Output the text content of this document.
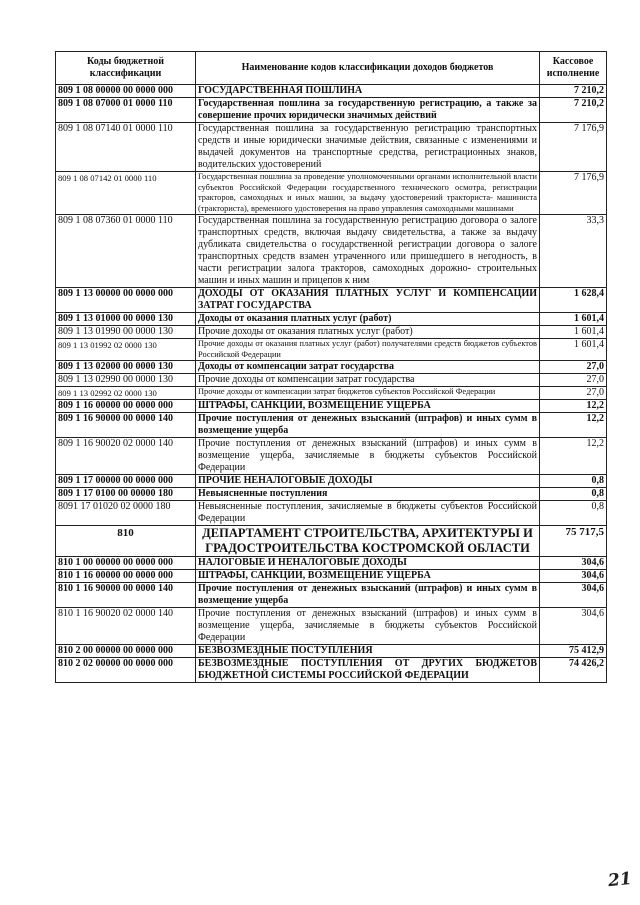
Коды бюджетной классификации	Наименование кодов классификации доходов бюджетов	Кассовое исполнение
809 1 08 00000 00 0000 000	ГОСУДАРСТВЕННАЯ ПОШЛИНА	7 210,2
809 1 08 07000 01 0000 110	Государственная пошлина за государственную регистрацию, а также за совершение прочих юридически значимых действий	7 210,2
809 1 08 07140 01 0000 110	Государственная пошлина за государственную регистрацию транспортных средств и иные юридически значимые действия, связанные с изменениями и выдачей документов на транспортные средства, регистрационных знаков, водительских удостоверений	7 176,9
809 1 08 07142 01 0000 110	Государственная пошлина за проведение уполномоченными органами исполнительной власти субъектов Российской Федерации государственного технического осмотра, регистрации тракторов, самоходных и иных машин, за выдачу удостоверений тракториста- машиниста (тракториста), временного удостоверения на право управления самоходными машинами	7 176,9
809 1 08 07360 01 0000 110	Государственная пошлина за государственную регистрацию договора о залоге транспортных средств, включая выдачу свидетельства, а также за выдачу дубликата свидетельства о государственной регистрации договора о залоге транспортных средств взамен утраченного или пришедшего в негодность, в части регистрации залога тракторов, самоходных дорожно- строительных машин и иных машин и прицепов к ним	33,3
809 1 13 00000 00 0000 000	ДОХОДЫ ОТ ОКАЗАНИЯ ПЛАТНЫХ УСЛУГ И КОМПЕНСАЦИИ ЗАТРАТ ГОСУДАРСТВА	1 628,4
809 1 13 01000 00 0000 130	Доходы от оказания платных услуг (работ)	1 601,4
809 1 13 01990 00 0000 130	Прочие доходы от оказания платных услуг (работ)	1 601,4
809 1 13 01992 02 0000 130	Прочие доходы от оказания платных услуг (работ) получателями средств бюджетов субъектов Российской Федерации	1 601,4
809 1 13 02000 00 0000 130	Доходы от компенсации затрат государства	27,0
809 1 13 02990 00 0000 130	Прочие доходы от компенсации затрат государства	27,0
809 1 13 02992 02 0000 130	Прочие доходы от компенсации затрат бюджетов субъектов Российской Федерации	27,0
809 1 16 00000 00 0000 000	ШТРАФЫ, САНКЦИИ, ВОЗМЕЩЕНИЕ УЩЕРБА	12,2
809 1 16 90000 00 0000 140	Прочие поступления от денежных взысканий (штрафов) и иных сумм в возмещение ущерба	12,2
809 1 16 90020 02 0000 140	Прочие поступления от денежных взысканий (штрафов) и иных сумм в возмещение ущерба, зачисляемые в бюджеты субъектов Российской Федерации	12,2
809 1 17 00000 00 0000 000	ПРОЧИЕ НЕНАЛОГОВЫЕ ДОХОДЫ	0,8
809 1 17 0100 00 00000 180	Невыясненные поступления	0,8
8091 17 01020 02 0000 180	Невыясненные поступления, зачисляемые в бюджеты субъектов Российской Федерации	0,8
810	ДЕПАРТАМЕНТ СТРОИТЕЛЬСТВА, АРХИТЕКТУРЫ И ГРАДОСТРОИТЕЛЬСТВА КОСТРОМСКОЙ ОБЛАСТИ	75 717,5
810 1 00 00000 00 0000 000	НАЛОГОВЫЕ И НЕНАЛОГОВЫЕ ДОХОДЫ	304,6
810 1 16 00000 00 0000 000	ШТРАФЫ, САНКЦИИ, ВОЗМЕЩЕНИЕ УЩЕРБА	304,6
810 1 16 90000 00 0000 140	Прочие поступления от денежных взысканий (штрафов) и иных сумм в возмещение ущерба	304,6
810 1 16 90020 02 0000 140	Прочие поступления от денежных взысканий (штрафов) и иных сумм в возмещение ущерба, зачисляемые в бюджеты субъектов Российской Федерации	304,6
810 2 00 00000 00 0000 000	БЕЗВОЗМЕЗДНЫЕ ПОСТУПЛЕНИЯ	75 412,9
810 2 02 00000 00 0000 000	БЕЗВОЗМЕЗДНЫЕ ПОСТУПЛЕНИЯ ОТ ДРУГИХ БЮДЖЕТОВ БЮДЖЕТНОЙ СИСТЕМЫ РОССИЙСКОЙ ФЕДЕРАЦИИ	74 426,2
21
